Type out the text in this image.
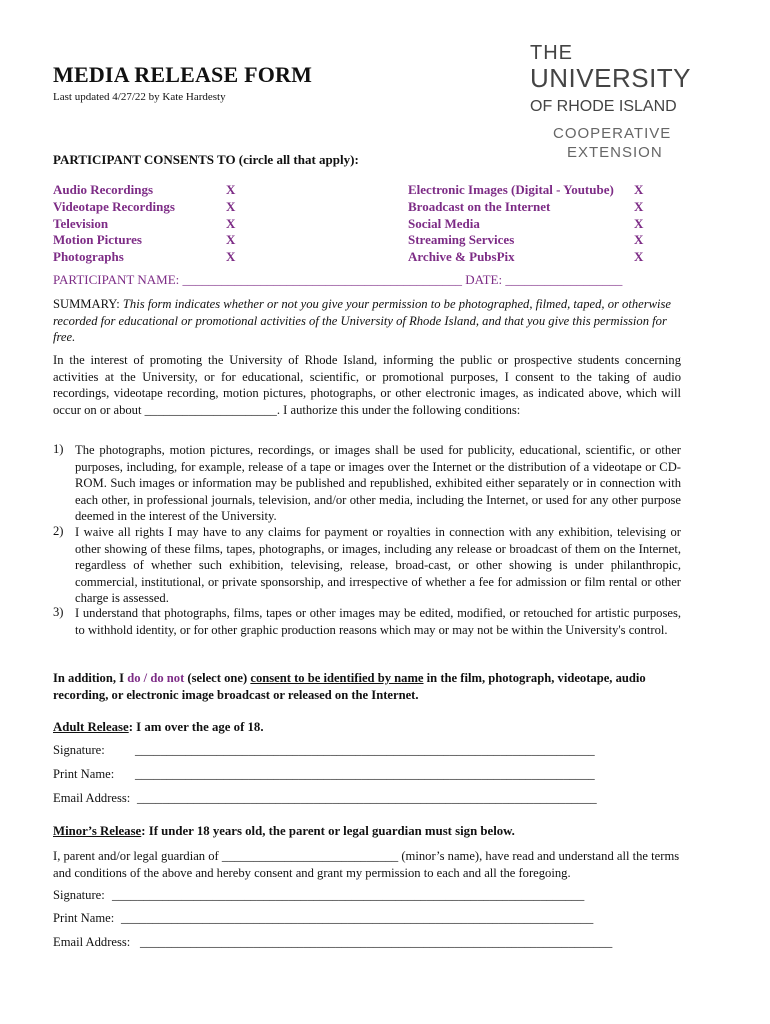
MEDIA RELEASE FORM
Last updated 4/27/22 by Kate Hardesty
THE
UNIVERSITY
OF RHODE ISLAND
COOPERATIVE
EXTENSION
PARTICIPANT CONSENTS TO (circle all that apply):
Audio Recordings	X
Videotape Recordings	X
Television	X
Motion Pictures	X
Photographs	X
Electronic Images (Digital - Youtube) X
Broadcast on the Internet	X
Social Media	X
Streaming Services	X
Archive & PubsPix	X
PARTICIPANT NAME: ___________________________________________ DATE: __________________
SUMMARY: This form indicates whether or not you give your permission to be photographed, filmed, taped, or otherwise recorded for educational or promotional activities of the University of Rhode Island, and that you give this permission for free.
In the interest of promoting the University of Rhode Island, informing the public or prospective students concerning activities at the University, or for educational, scientific, or promotional purposes, I consent to the taking of audio recordings, videotape recording, motion pictures, photographs, or other electronic images, as indicated above, which will occur on or about _____________________. I authorize this under the following conditions:
1) The photographs, motion pictures, recordings, or images shall be used for publicity, educational, scientific, or other purposes, including, for example, release of a tape or images over the Internet or the distribution of a videotape or CD-ROM. Such images or information may be published and republished, exhibited either separately or in connection with each other, in professional journals, television, and/or other media, including the Internet, or used for any other purpose deemed in the interest of the University.
2) I waive all rights I may have to any claims for payment or royalties in connection with any exhibition, televising or other showing of these films, tapes, photographs, or images, including any release or broadcast of them on the Internet, regardless of whether such exhibition, televising, release, broad-cast, or other showing is under philanthropic, commercial, institutional, or private sponsorship, and irrespective of whether a fee for admission or film rental or other charge is assessed.
3) I understand that photographs, films, tapes or other images may be edited, modified, or retouched for artistic purposes, to withhold identity, or for other graphic production reasons which may or may not be within the University's control.
In addition, I do / do not (select one) consent to be identified by name in the film, photograph, videotape, audio recording, or electronic image broadcast or released on the Internet.
Adult Release: I am over the age of 18.
Signature: _________________________________________________________________________
Print Name: _________________________________________________________________________
Email Address: _________________________________________________________________________
Minor’s Release: If under 18 years old, the parent or legal guardian must sign below.
I, parent and/or legal guardian of ____________________________ (minor’s name), have read and understand all the terms and conditions of the above and hereby consent and grant my permission to each and all the foregoing.
Signature: ___________________________________________________________________________
Print Name: ___________________________________________________________________________
Email Address: ___________________________________________________________________________
